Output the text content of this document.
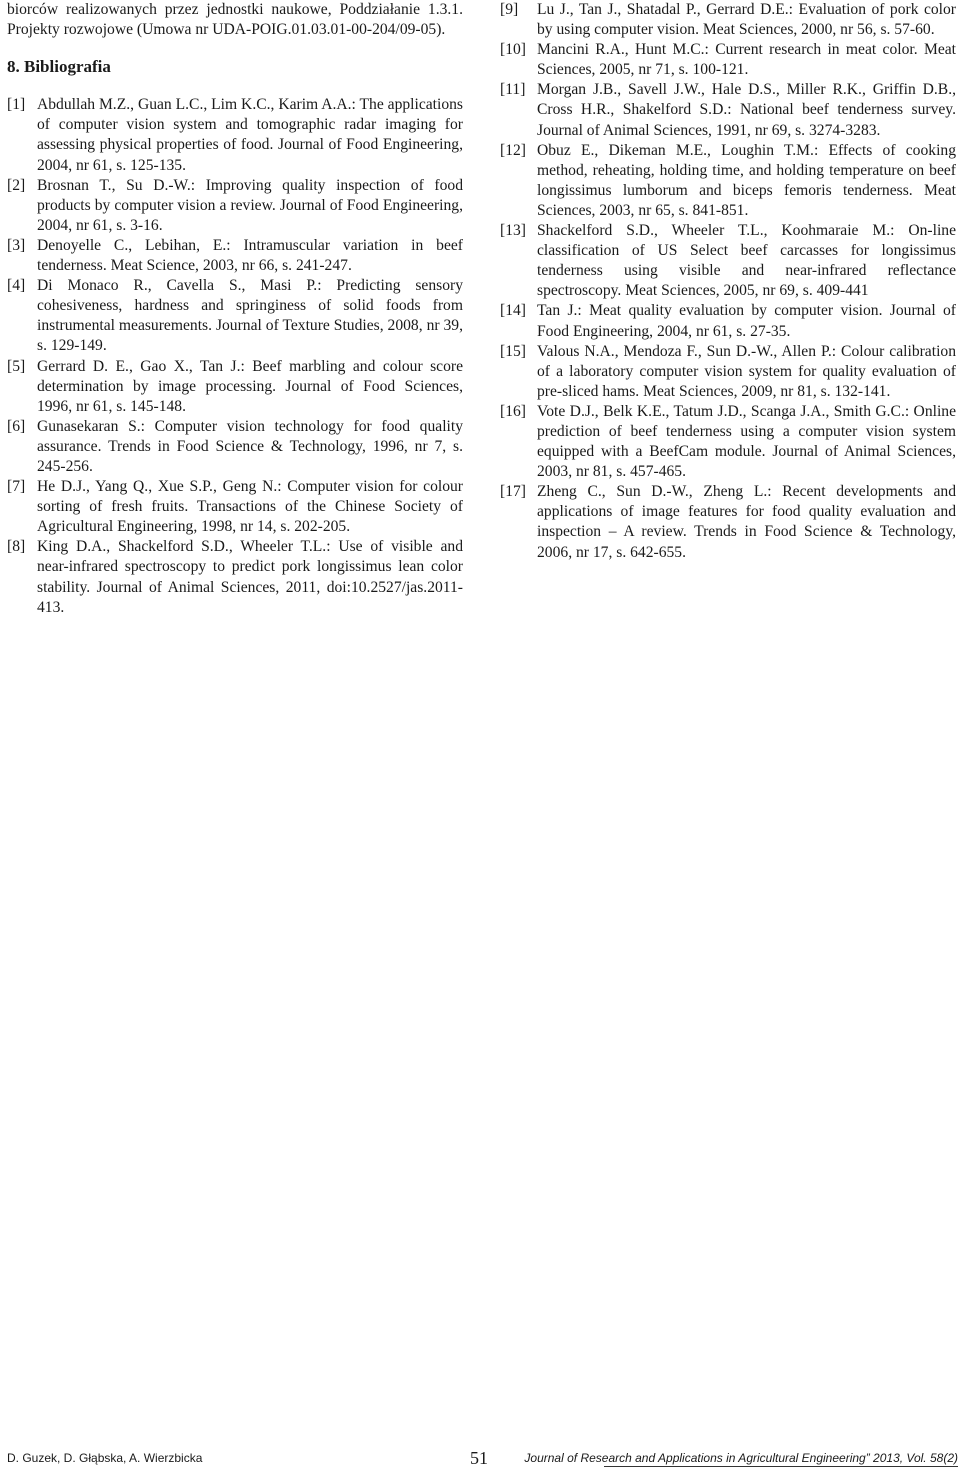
biorców realizowanych przez jednostki naukowe, Poddziałanie 1.3.1. Projekty rozwojowe (Umowa nr UDA-POIG.01.03.01-00-204/09-05).

8. Bibliografia
[1] Abdullah M.Z., Guan L.C., Lim K.C., Karim A.A.: The applications of computer vision system and tomographic radar imaging for assessing physical properties of food. Journal of Food Engineering, 2004, nr 61, s. 125-135.
[2] Brosnan T., Su D.-W.: Improving quality inspection of food products by computer vision a review. Journal of Food Engineering, 2004, nr 61, s. 3-16.
[3] Denoyelle C., Lebihan, E.: Intramuscular variation in beef tenderness. Meat Science, 2003, nr 66, s. 241-247.
[4] Di Monaco R., Cavella S., Masi P.: Predicting sensory cohesiveness, hardness and springiness of solid foods from instrumental measurements. Journal of Texture Studies, 2008, nr 39, s. 129-149.
[5] Gerrard D. E., Gao X., Tan J.: Beef marbling and colour score determination by image processing. Journal of Food Sciences, 1996, nr 61, s. 145-148.
[6] Gunasekaran S.: Computer vision technology for food quality assurance. Trends in Food Science & Technology, 1996, nr 7, s. 245-256.
[7] He D.J., Yang Q., Xue S.P., Geng N.: Computer vision for colour sorting of fresh fruits. Transactions of the Chinese Society of Agricultural Engineering, 1998, nr 14, s. 202-205.
[8] King D.A., Shackelford S.D., Wheeler T.L.: Use of visible and near-infrared spectroscopy to predict pork longissimus lean color stability. Journal of Animal Sciences, 2011, doi:10.2527/jas.2011-413.
[9] Lu J., Tan J., Shatadal P., Gerrard D.E.: Evaluation of pork color by using computer vision. Meat Sciences, 2000, nr 56, s. 57-60.
[10] Mancini R.A., Hunt M.C.: Current research in meat color. Meat Sciences, 2005, nr 71, s. 100-121.
[11] Morgan J.B., Savell J.W., Hale D.S., Miller R.K., Griffin D.B., Cross H.R., Shakelford S.D.: National beef tenderness survey. Journal of Animal Sciences, 1991, nr 69, s. 3274-3283.
[12] Obuz E., Dikeman M.E., Loughin T.M.: Effects of cooking method, reheating, holding time, and holding temperature on beef longissimus lumborum and biceps femoris tenderness. Meat Sciences, 2003, nr 65, s. 841-851.
[13] Shackelford S.D., Wheeler T.L., Koohmaraie M.: On-line classification of US Select beef carcasses for longissimus tenderness using visible and near-infrared reflectance spectroscopy. Meat Sciences, 2005, nr 69, s. 409-441
[14] Tan J.: Meat quality evaluation by computer vision. Journal of Food Engineering, 2004, nr 61, s. 27-35.
[15] Valous N.A., Mendoza F., Sun D.-W., Allen P.: Colour calibration of a laboratory computer vision system for quality evaluation of pre-sliced hams. Meat Sciences, 2009, nr 81, s. 132-141.
[16] Vote D.J., Belk K.E., Tatum J.D., Scanga J.A., Smith G.C.: Online prediction of beef tenderness using a computer vision system equipped with a BeefCam module. Journal of Animal Sciences, 2003, nr 81, s. 457-465.
[17] Zheng C., Sun D.-W., Zheng L.: Recent developments and applications of image features for food quality evaluation and inspection – A review. Trends in Food Science & Technology, 2006, nr 17, s. 642-655.
D. Guzek, D. Głąbska, A. Wierzbicka	51	Journal of Research and Applications in Agricultural Engineering” 2013, Vol. 58(2)
